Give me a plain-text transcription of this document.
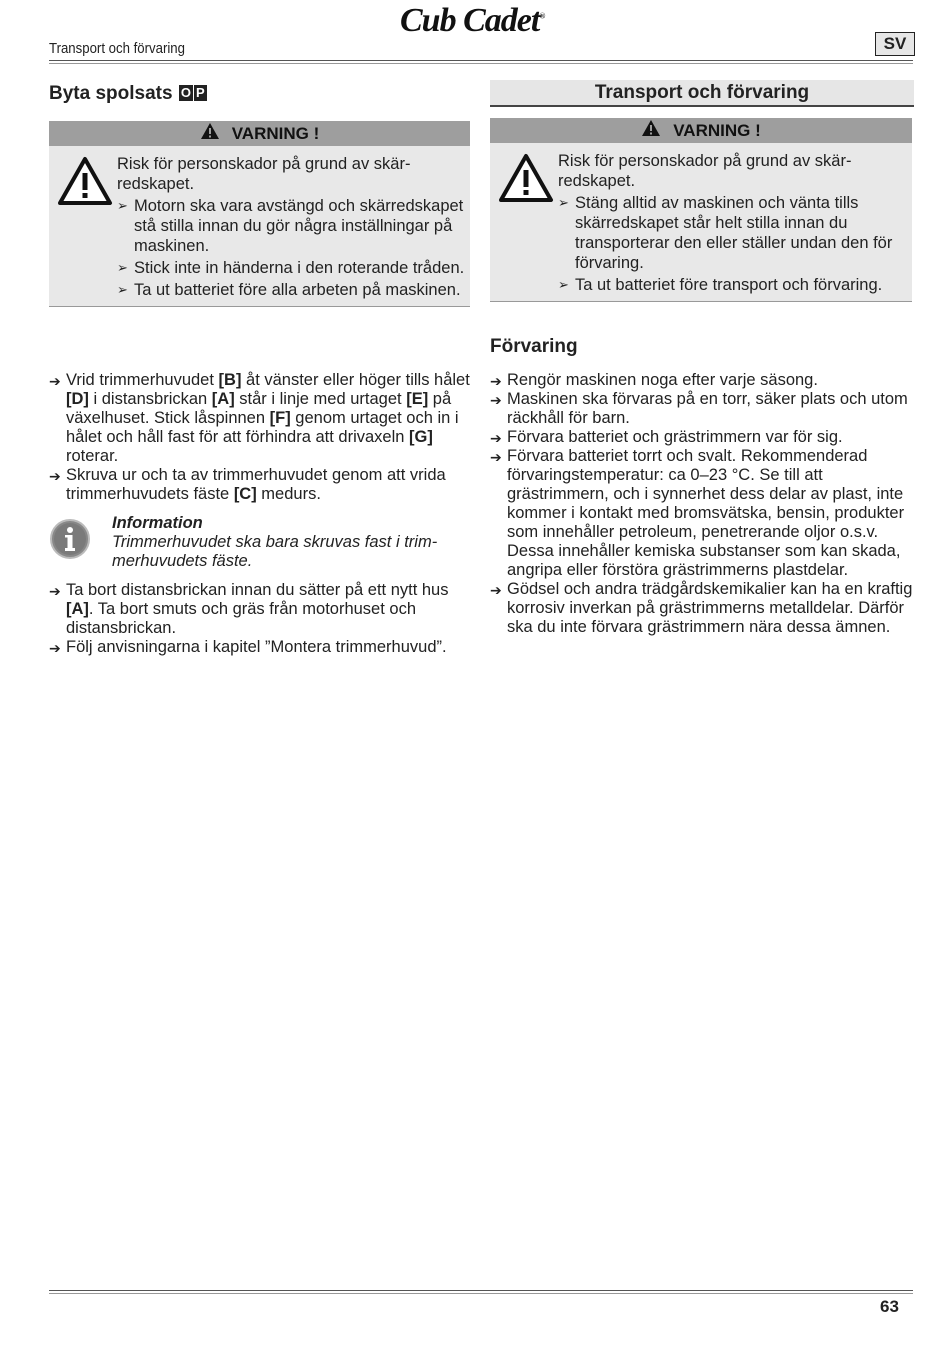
Transport och förvaring
Cub Cadet®
SV
Byta spolsats O P
VARNING !
Risk för personskador på grund av skärredskapet.
➢ Motorn ska vara avstängd och skärredskapet stå stilla innan du gör några inställningar på maskinen.
➢ Stick inte in händerna i den roterande tråden.
➢ Ta ut batteriet före alla arbeten på maskinen.
➔ Vrid trimmerhuvudet [B] åt vänster eller höger tills hålet [D] i distansbrickan [A] står i linje med urtaget [E] på växelhuset. Stick låspinnen [F] genom urtaget och in i hålet och håll fast för att förhindra att drivaxeln [G] roterar.
➔ Skruva ur och ta av trimmerhuvudet genom att vrida trimmerhuvudets fäste [C] medurs.
Information
Trimmerhuvudet ska bara skruvas fast i trimmerhuvudets fäste.
➔ Ta bort distansbrickan innan du sätter på ett nytt hus [A]. Ta bort smuts och gräs från motorhuset och distansbrickan.
➔ Följ anvisningarna i kapitel ”Montera trimmerhuvud”.
Transport och förvaring
VARNING !
Risk för personskador på grund av skärredskapet.
➢ Stäng alltid av maskinen och vänta tills skärredskapet står helt stilla innan du transporterar den eller ställer undan den för förvaring.
➢ Ta ut batteriet före transport och förvaring.
Förvaring
➔ Rengör maskinen noga efter varje säsong.
➔ Maskinen ska förvaras på en torr, säker plats och utom räckhåll för barn.
➔ Förvara batteriet och grästrimmern var för sig.
➔ Förvara batteriet torrt och svalt. Rekommenderad förvaringstemperatur: ca 0–23 °C. Se till att grästrimmern, och i synnerhet dess delar av plast, inte kommer i kontakt med bromsvätska, bensin, produkter som innehåller petroleum, penetrerande oljor o.s.v. Dessa innehåller kemiska substanser som kan skada, angripa eller förstöra grästrimmerns plastdelar.
➔ Gödsel och andra trädgårdskemikalier kan ha en kraftig korrosiv inverkan på grästrimmerns metalldelar. Därför ska du inte förvara grästrimmern nära dessa ämnen.
63
